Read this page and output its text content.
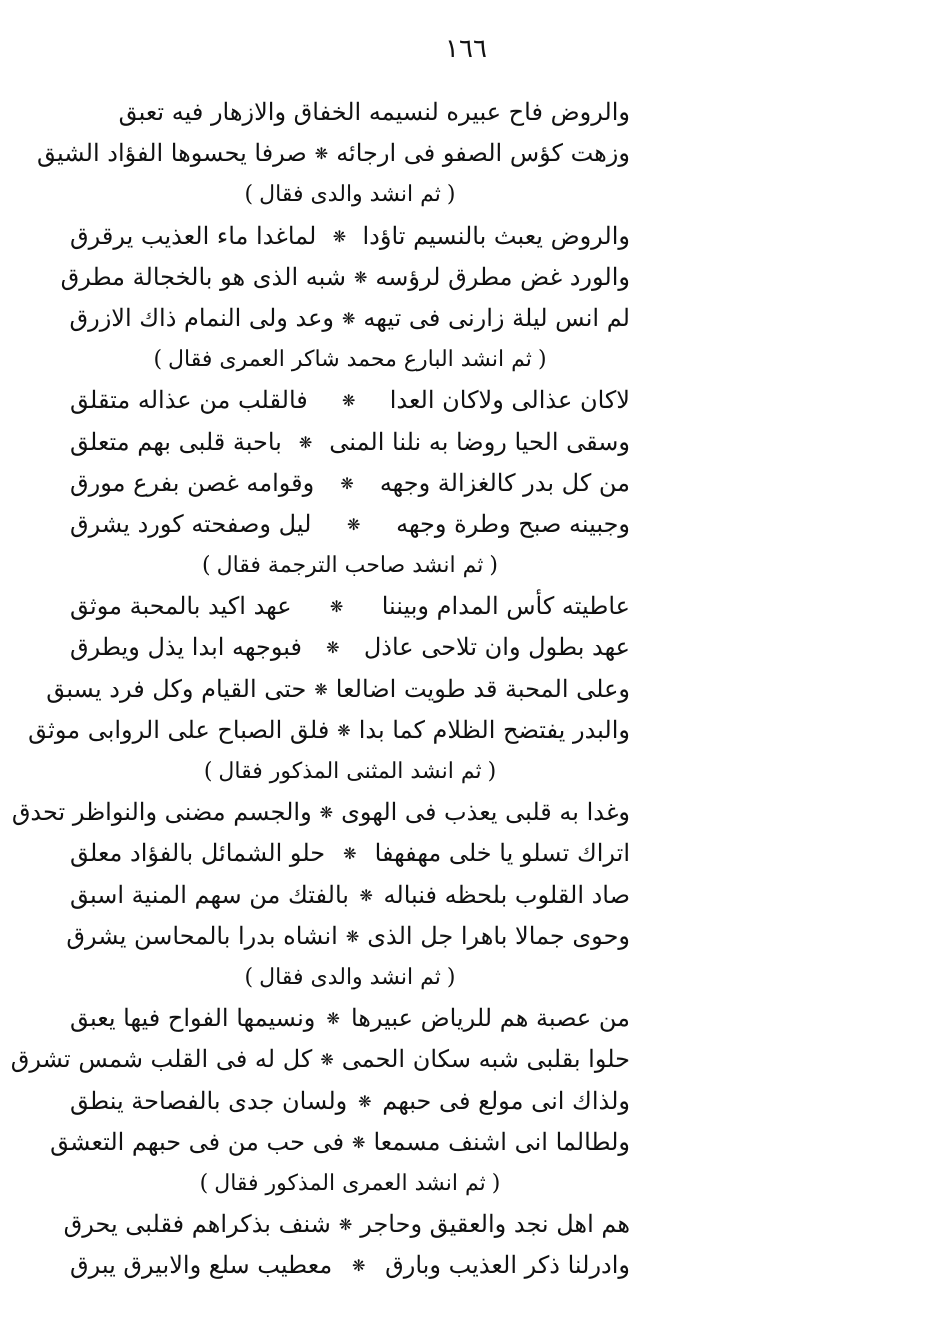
١٦٦
والروض فاح عبيره لنسيمه الخفاق والازهار فيه تعبق
وزهت كؤس الصفو فى ارجائه
❋
صرفا يحسوها الفؤاد الشيق
(ثم انشد والدى فقال)
والروض يعبث بالنسيم تاؤدا
❋
لماغدا ماء العذيب يرقرق
والورد غض مطرق لرؤسه
❋
شبه الذى هو بالخجالة مطرق
لم انس ليلة زارنى فى تيهه
❋
وعد ولى النمام ذاك الازرق
(ثم انشد البارع محمد شاكر العمرى فقال)
لاكان عذالى ولاكان العدا
❋
فالقلب من عذاله متقلق
وسقى الحيا روضا به نلنا المنى
❋
باحبة قلبى بهم متعلق
من كل بدر كالغزالة وجهه
❋
وقوامه غصن بفرع مورق
وجبينه صبح وطرة وجهه
❋
ليل وصفحته كورد يشرق
(ثم انشد صاحب الترجمة فقال)
عاطيته كأس المدام وبيننا
❋
عهد اكيد بالمحبة موثق
عهد بطول وان تلاحى عاذل
❋
فبوجهه ابدا يذل ويطرق
وعلى المحبة قد طويت اضالعا
❋
حتى القيام وكل فرد يسبق
والبدر يفتضح الظلام كما بدا
❋
فلق الصباح على الروابى موثق
(ثم انشد المثنى المذكور فقال)
وغدا به قلبى يعذب فى الهوى
❋
والجسم مضنى والنواظر تحدق
اتراك تسلو يا خلى مهفهفا
❋
حلو الشمائل بالفؤاد معلق
صاد القلوب بلحظه فنباله
❋
بالفتك من سهم المنية اسبق
وحوى جمالا باهرا جل الذى
❋
انشاه بدرا بالمحاسن يشرق
(ثم انشد والدى فقال)
من عصبة هم للرياض عبيرها
❋
ونسيمها الفواح فيها يعبق
حلوا بقلبى شبه سكان الحمى
❋
كل له فى القلب شمس تشرق
ولذاك انى مولع فى حبهم
❋
ولسان جدى بالفصاحة ينطق
ولطالما انى اشنف مسمعا
❋
فى حب من فى حبهم التعشق
(ثم انشد العمرى المذكور فقال)
هم اهل نجد والعقيق وحاجر
❋
شنف بذكراهم فقلبى يحرق
وادرلنا ذكر العذيب وبارق
❋
معطيب سلع والابيرق يبرق
